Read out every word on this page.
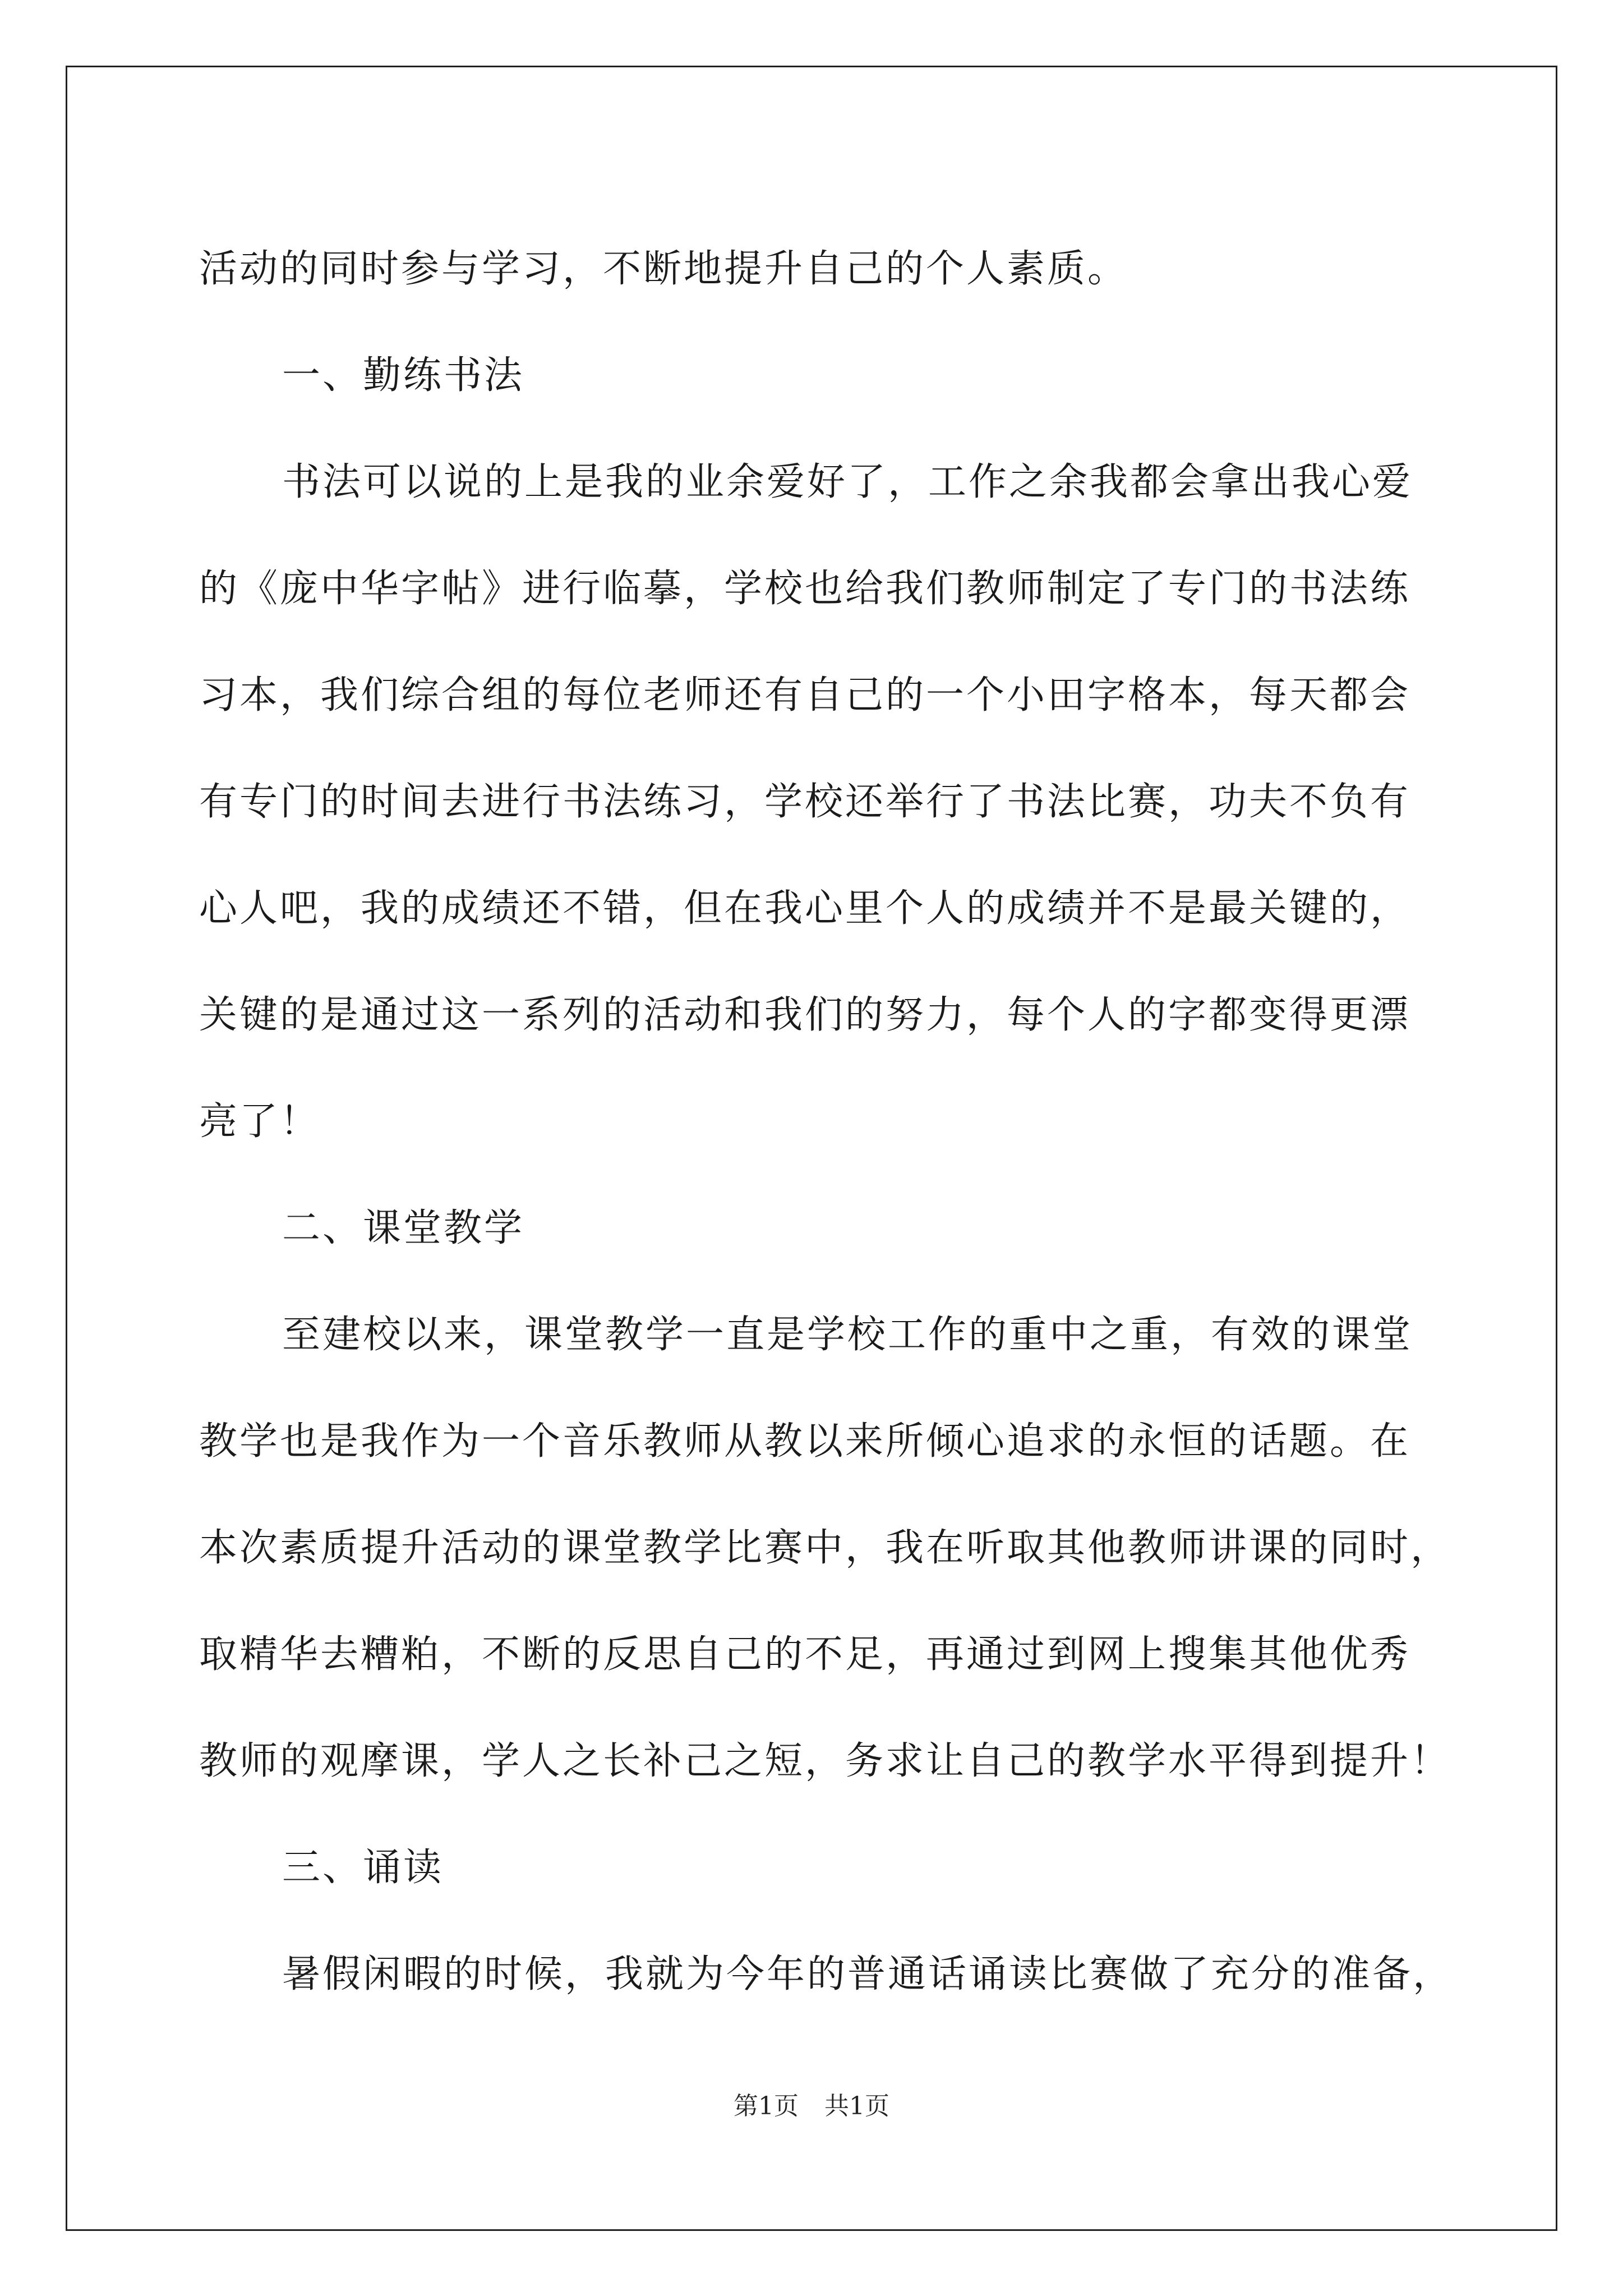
活动的同时参与学习，不断地提升自己的个人素质。
一、勤练书法
书法可以说的上是我的业余爱好了，工作之余我都会拿出我心爱
的《庞中华字帖》进行临摹，学校也给我们教师制定了专门的书法练
习本，我们综合组的每位老师还有自己的一个小田字格本，每天都会
有专门的时间去进行书法练习，学校还举行了书法比赛，功夫不负有
心人吧，我的成绩还不错，但在我心里个人的成绩并不是最关键的，
关键的是通过这一系列的活动和我们的努力，每个人的字都变得更漂
亮了！
二、课堂教学
至建校以来，课堂教学一直是学校工作的重中之重，有效的课堂
教学也是我作为一个音乐教师从教以来所倾心追求的永恒的话题。在
本次素质提升活动的课堂教学比赛中，我在听取其他教师讲课的同时，
取精华去糟粕，不断的反思自己的不足，再通过到网上搜集其他优秀
教师的观摩课，学人之长补己之短，务求让自己的教学水平得到提升！
三、诵读
暑假闲暇的时候，我就为今年的普通话诵读比赛做了充分的准备，
第1页 共1页
